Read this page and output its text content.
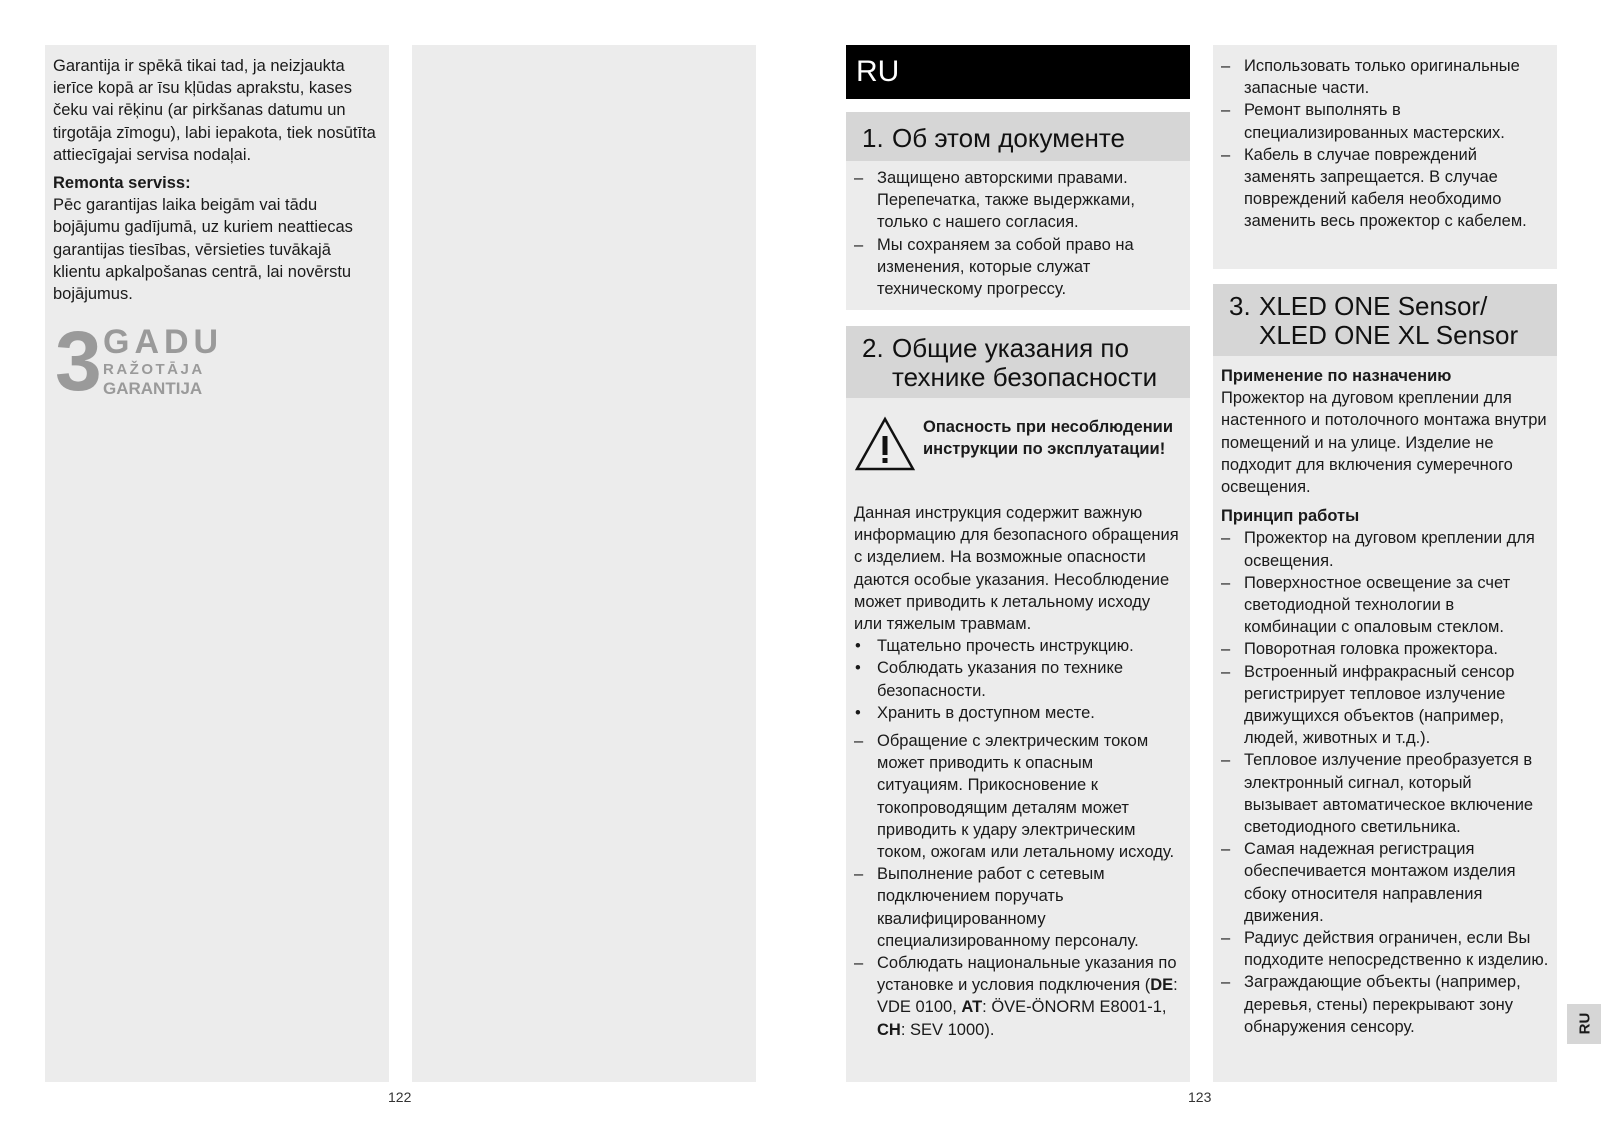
Garantija ir spēkā tikai tad, ja neizjaukta ierīce kopā ar īsu kļūdas aprakstu, kases čeku vai rēķinu (ar pirkšanas datumu un tirgotāja zīmogu), labi iepakota, tiek nosūtīta attiecīgajai servisa nodaļai.

Remonta serviss:

Pēc garantijas laika beigām vai tādu bojājumu gadījumā, uz kuriem neattiecas garantijas tiesības, vērsieties tuvākajā klientu apkalpošanas centrā, lai novērstu bojājumus.

3 GADU
RAŽOTĀJA
GARANTIJA
122
RU
1. Об этом документе
– Защищено авторскими правами. Перепечатка, также выдержками, только с нашего согласия.
– Мы сохраняем за собой право на изменения, которые служат техническому прогрессу.
2. Общие указания по
технике безопасности
Опасность при несоблюдении инструкции по эксплуатации!

Данная инструкция содержит важную информацию для безопасного обращения с изделием. На возможные опасности даются особые указания. Несоблюдение может приводить к летальному исходу или тяжелым травмам.

• Тщательно прочесть инструкцию.
• Соблюдать указания по технике безопасности.
• Хранить в доступном месте.
– Обращение с электрическим током может приводить к опасным ситуациям. Прикосновение к токопроводящим деталям может приводить к удару электрическим током, ожогам или летальному исходу.
– Выполнение работ с сетевым подключением поручать квалифицированному специализированному персоналу.
– Соблюдать национальные указания по установке и условия подключения (DE: VDE 0100, AT: ÖVE-ÖNORM E8001-1, CH: SEV 1000).
123
– Использовать только оригинальные запасные части.
– Ремонт выполнять в специализированных мастерских.
– Кабель в случае повреждений заменять запрещается. В случае повреждений кабеля необходимо заменить весь прожектор с кабелем.
3. XLED ONE Sensor/
XLED ONE XL Sensor

Применение по назначению

Прожектор на дуговом креплении для настенного и потолочного монтажа внутри помещений и на улице. Изделие не подходит для включения сумеречного освещения.

Принцип работы

– Прожектор на дуговом креплении для освещения.
– Поверхностное освещение за счет светодиодной технологии в комбинации с опаловым стеклом.
– Поворотная головка прожектора.
– Встроенный инфракрасный сенсор регистрирует тепловое излучение движущихся объектов (например, людей, животных и т.д.).
– Тепловое излучение преобразуется в электронный сигнал, который вызывает автоматическое включение светодиодного светильника.
– Самая надежная регистрация обеспечивается монтажом изделия сбоку относителя направления движения.
– Радиус действия ограничен, если Вы подходите непосредственно к изделию.
– Заграждающие объекты (например, деревья, стены) перекрывают зону обнаружения сенсору.	RU
